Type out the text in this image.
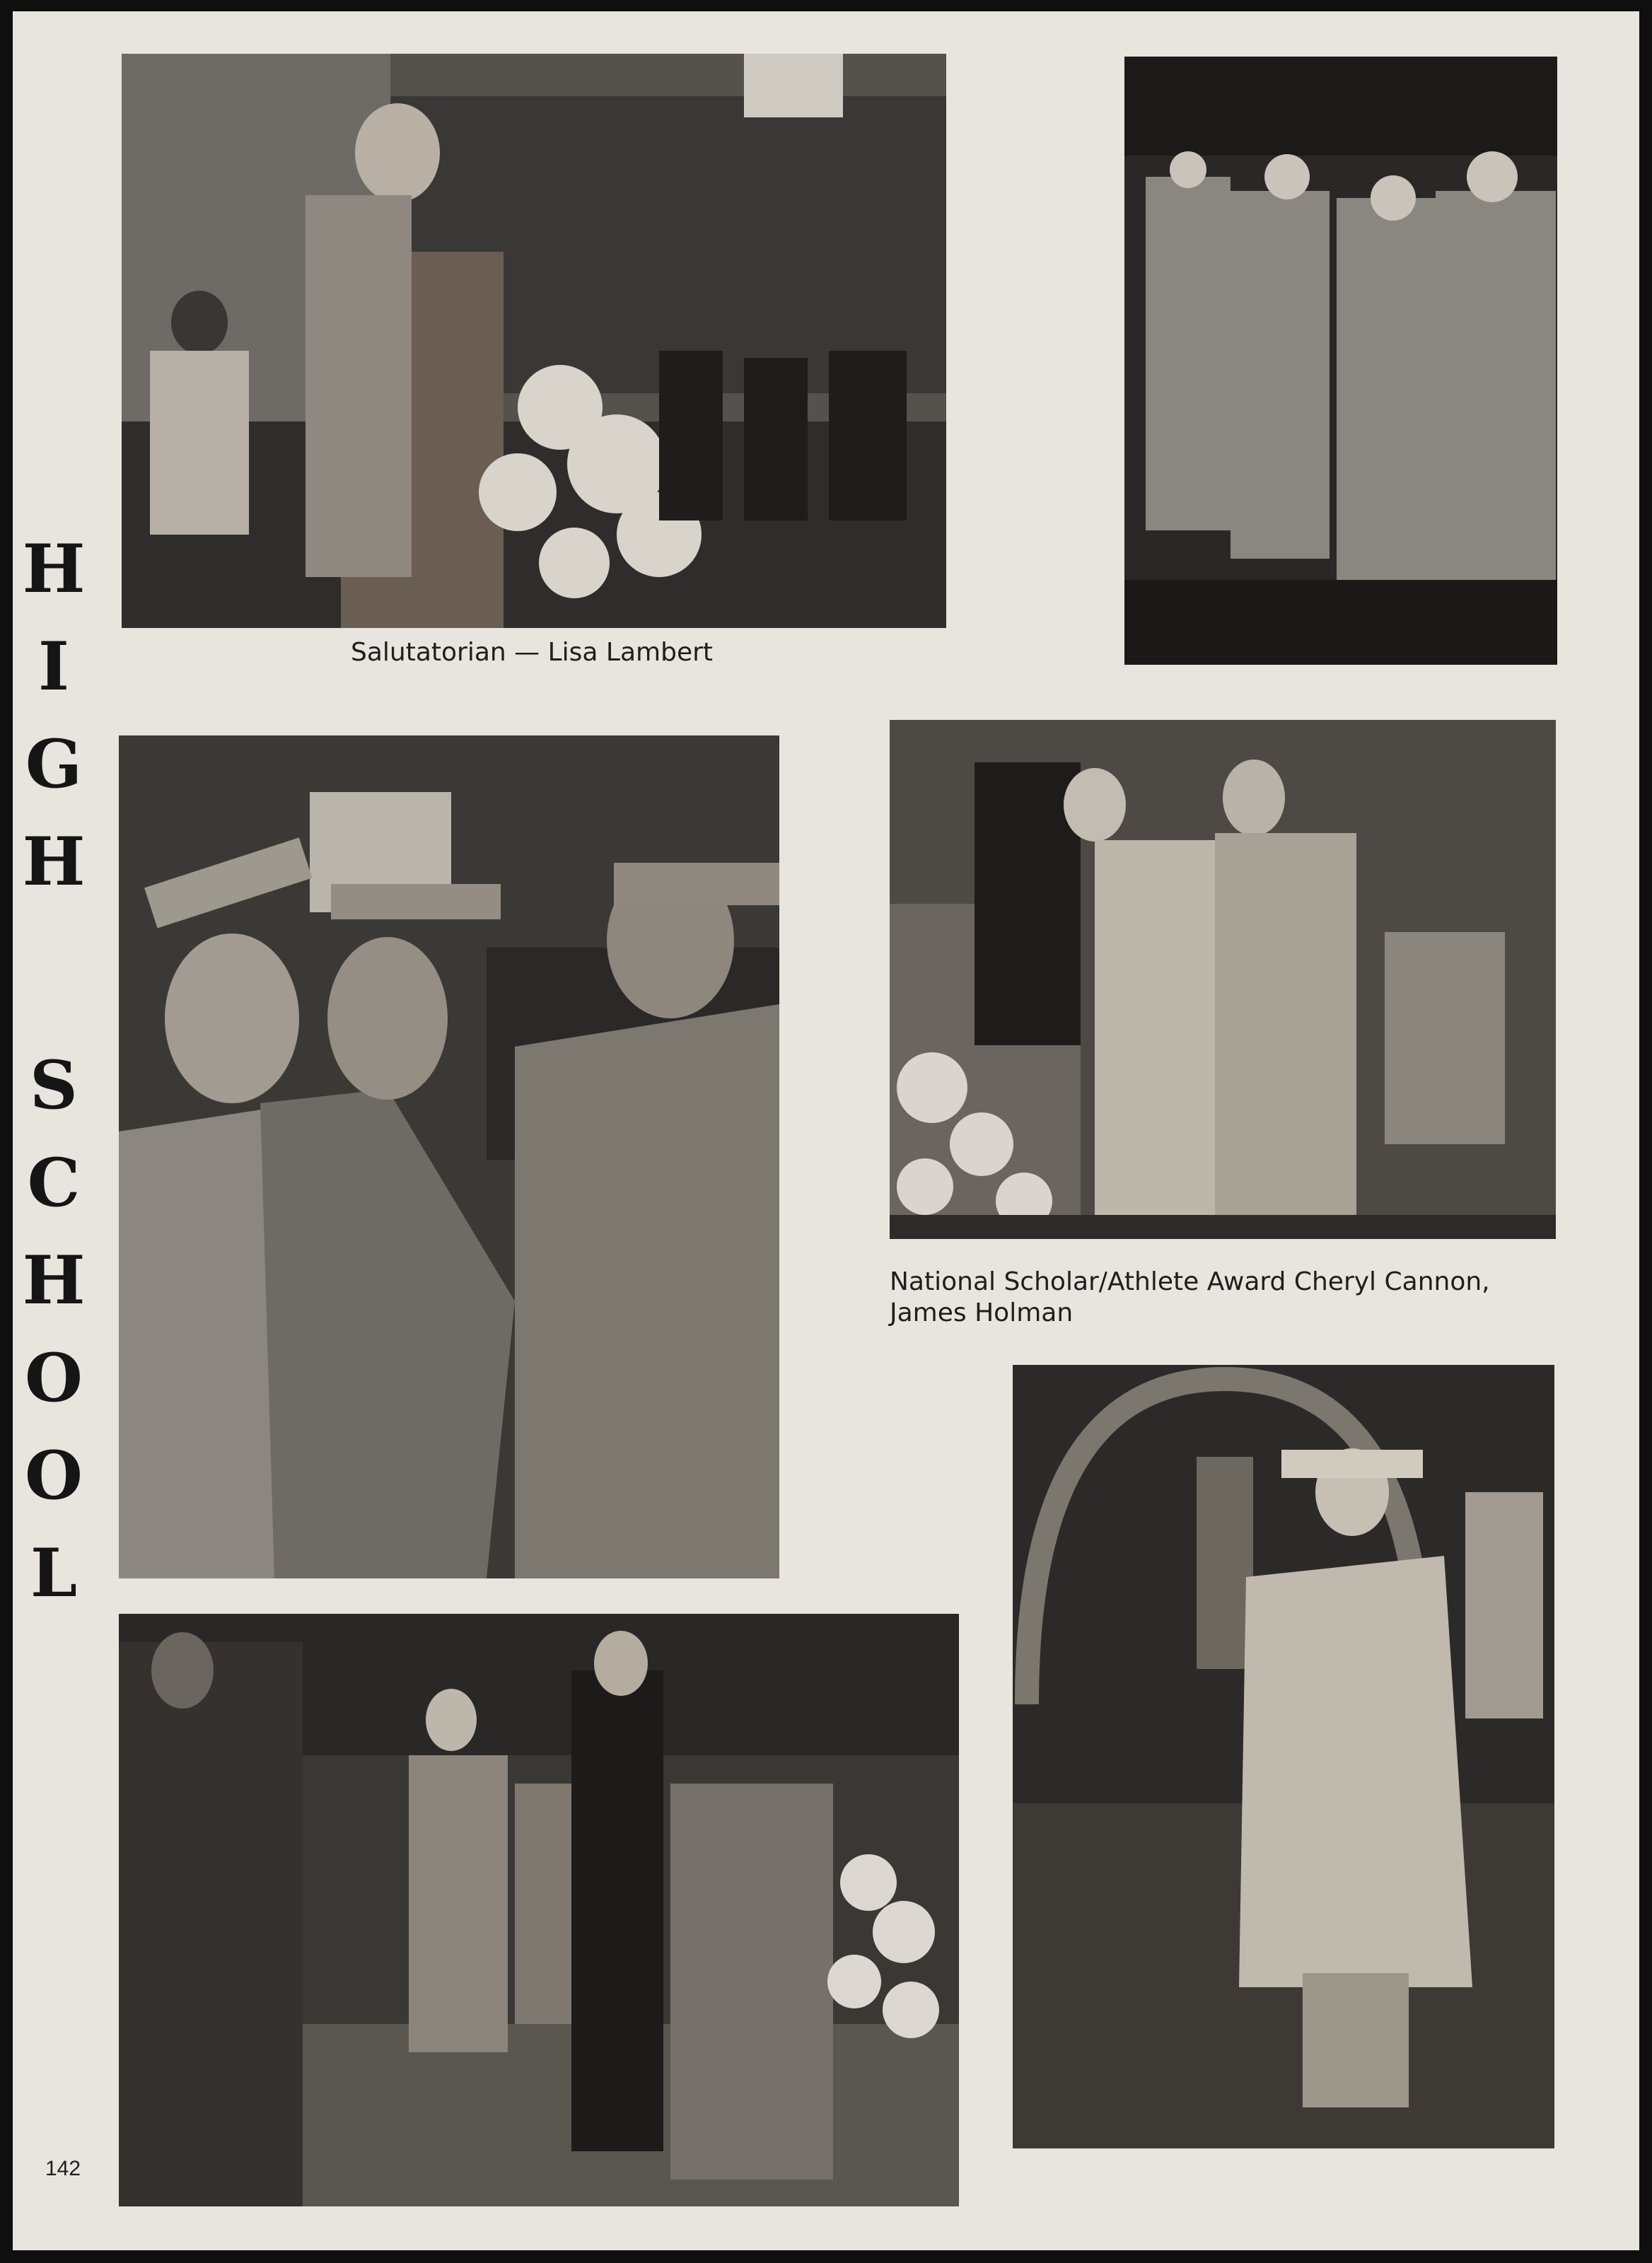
H
I
G
H
S
C
H
O
O
L
Salutatorian — Lisa Lambert
National Scholar/Athlete Award Cheryl Cannon,
James Holman
142
